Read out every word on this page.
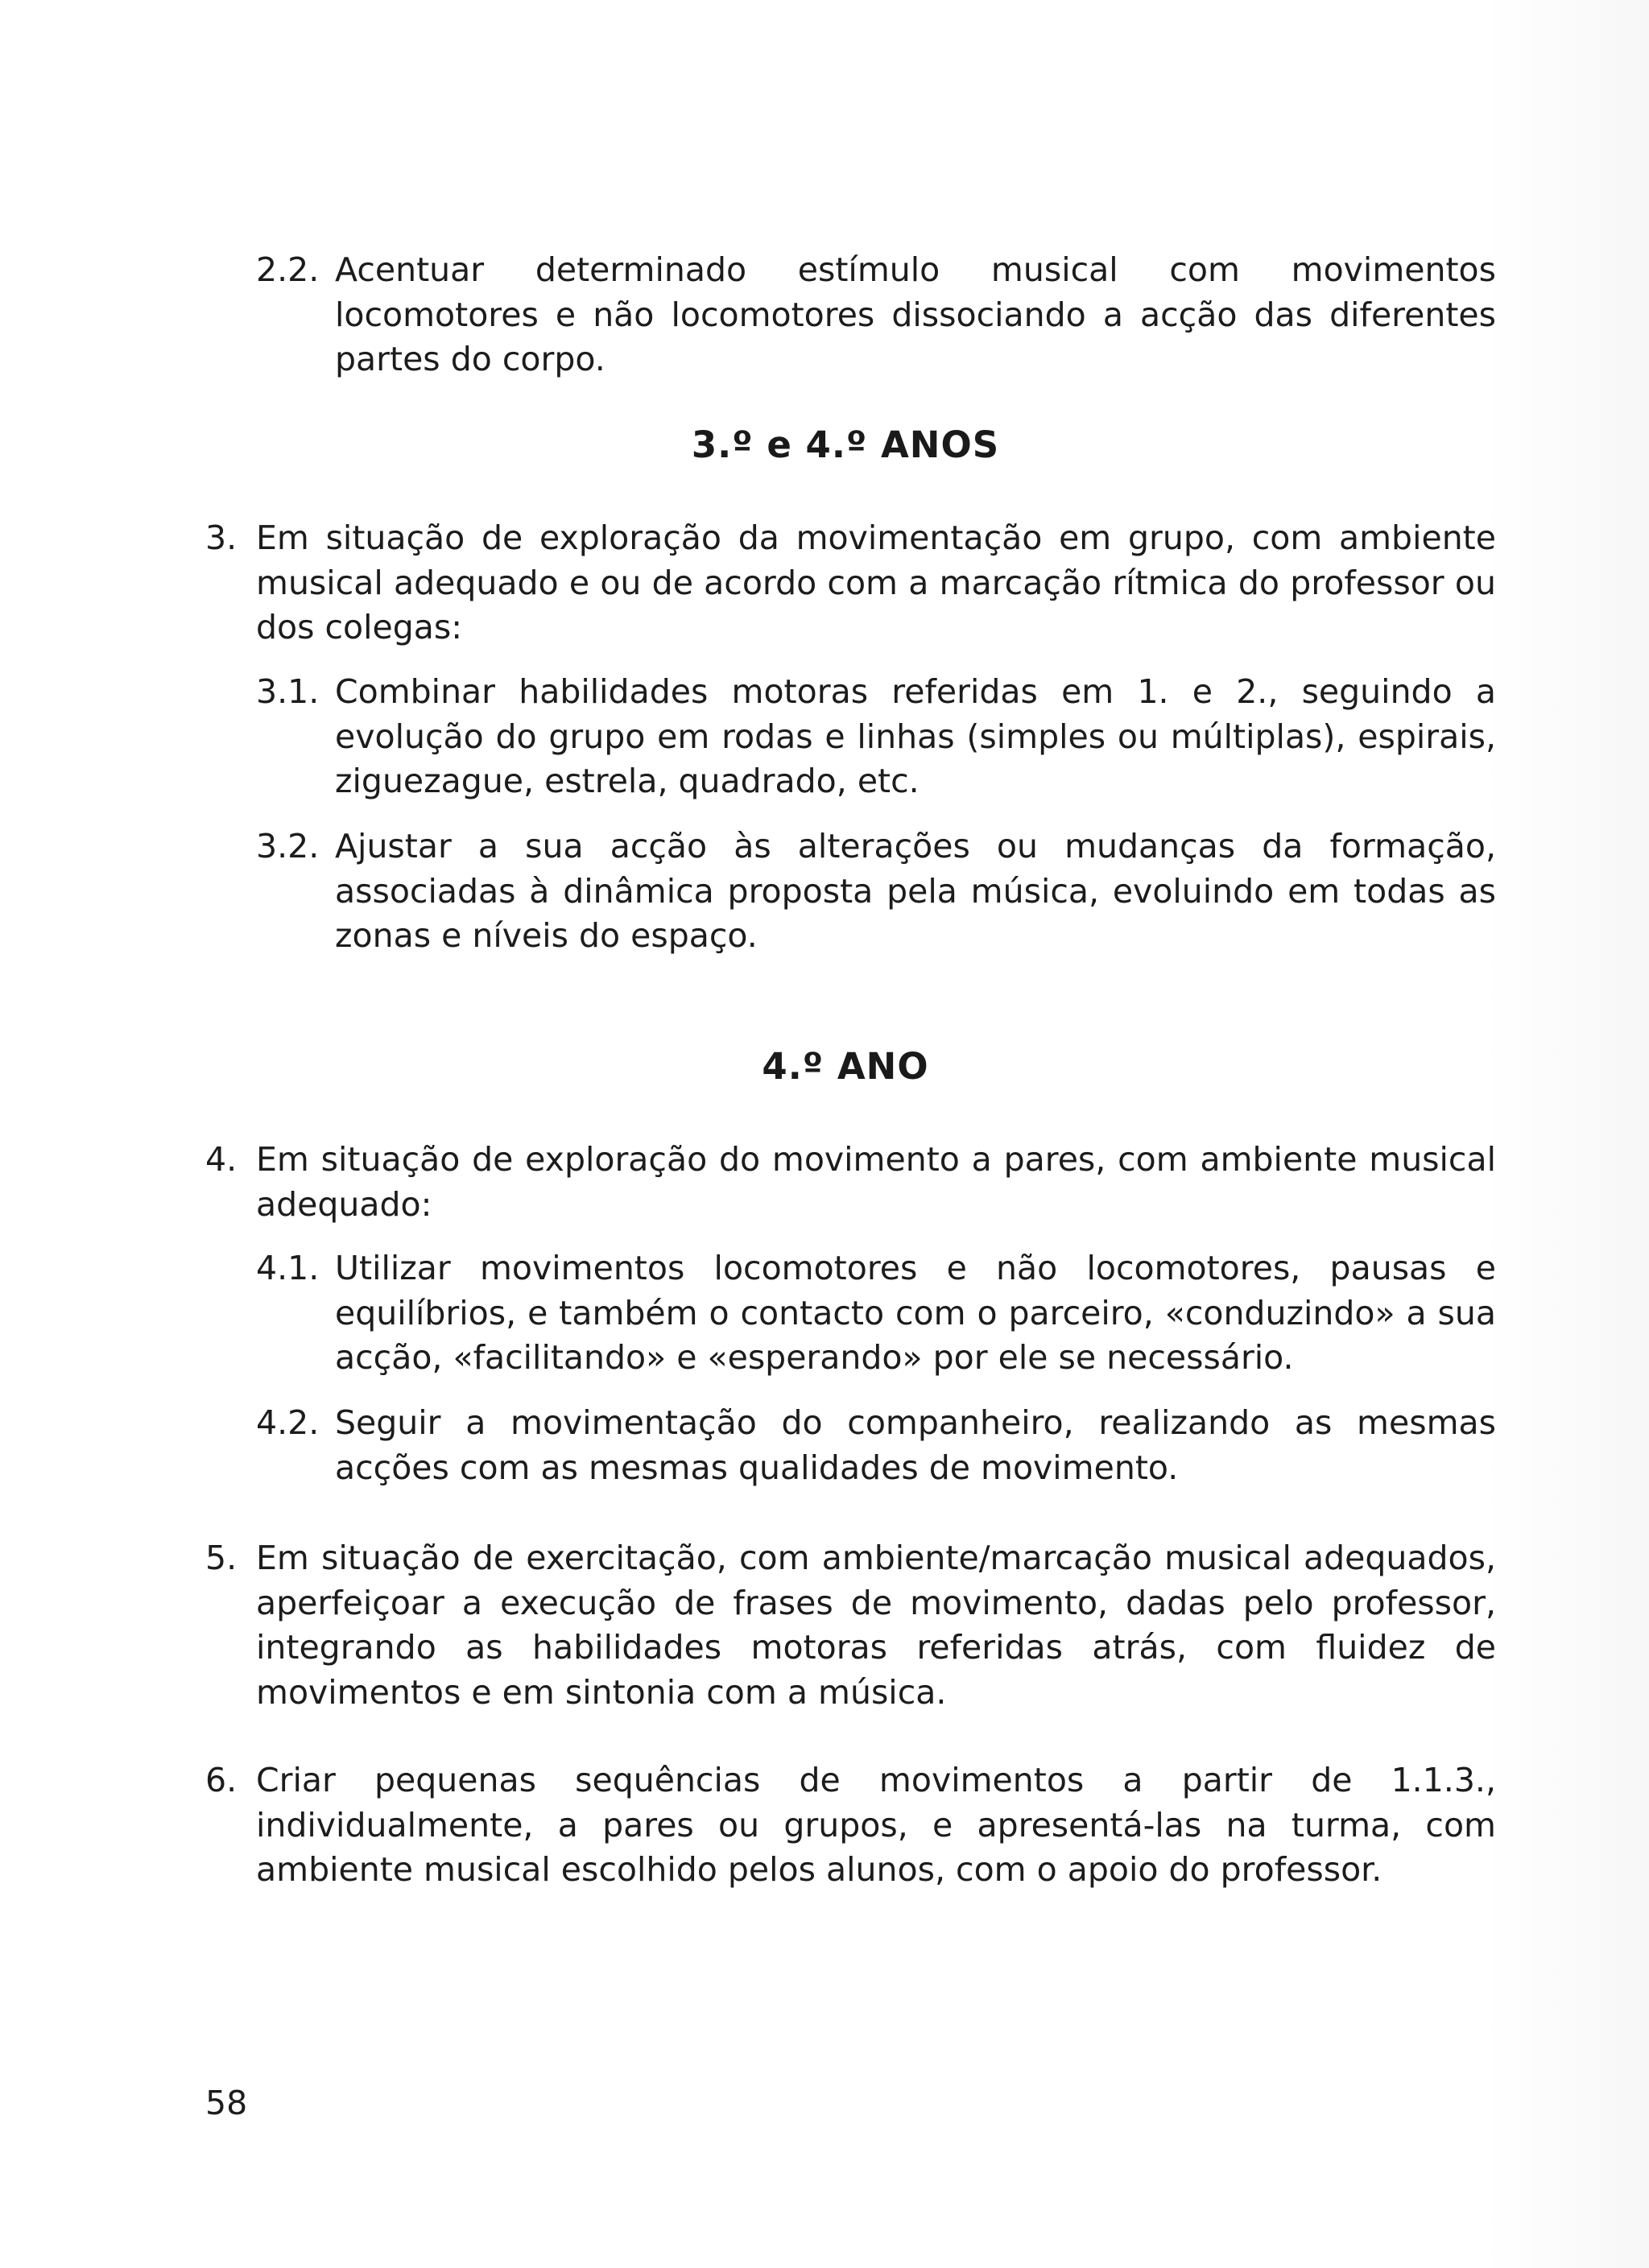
2.2. Acentuar determinado estímulo musical com movimentos locomotores e não locomotores dissociando a acção das diferentes partes do corpo.

3.º e 4.º ANOS
3. Em situação de exploração da movimentação em grupo, com ambiente musical adequado e ou de acordo com a marcação rítmica do professor ou dos colegas:

3.1. Combinar habilidades motoras referidas em 1. e 2., seguindo a evolução do grupo em rodas e linhas (simples ou múltiplas), espirais, ziguezague, estrela, quadrado, etc.

3.2. Ajustar a sua acção às alterações ou mudanças da formação, associadas à dinâmica proposta pela música, evoluindo em todas as zonas e níveis do espaço.

4.º ANO
4. Em situação de exploração do movimento a pares, com ambiente musical adequado:

4.1. Utilizar movimentos locomotores e não locomotores, pausas e equilíbrios, e também o contacto com o parceiro, «conduzindo» a sua acção, «facilitando» e «esperando» por ele se necessário.

4.2. Seguir a movimentação do companheiro, realizando as mesmas acções com as mesmas qualidades de movimento.

5. Em situação de exercitação, com ambiente/marcação musical adequados, aperfeiçoar a execução de frases de movimento, dadas pelo professor, integrando as habilidades motoras referidas atrás, com fluidez de movimentos e em sintonia com a música.

6. Criar pequenas sequências de movimentos a partir de 1.1.3., individualmente, a pares ou grupos, e apresentá-las na turma, com ambiente musical escolhido pelos alunos, com o apoio do professor.

58
